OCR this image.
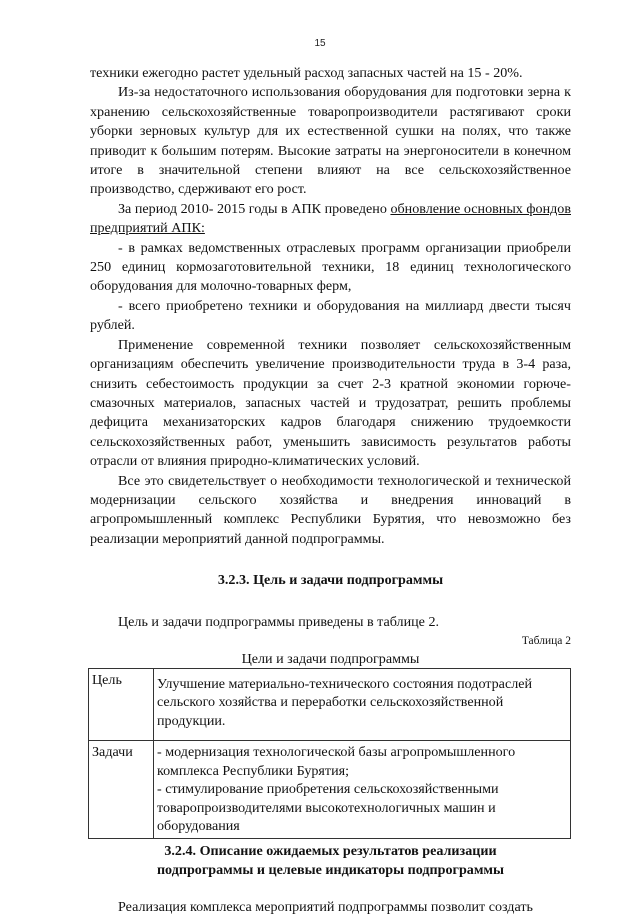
15

техники ежегодно растет удельный расход запасных частей на 15 - 20%.

Из-за недостаточного использования оборудования для подготовки зерна к хранению сельскохозяйственные товаропроизводители растягивают сроки уборки зерновых культур для их естественной сушки на полях, что также приводит к большим потерям. Высокие затраты на энергоносители в конечном итоге в значительной степени влияют на все сельскохозяйственное производство, сдерживают его рост.

За период 2010- 2015 годы в АПК проведено обновление основных фондов предприятий АПК:

- в рамках ведомственных отраслевых программ организации приобрели 250 единиц кормозаготовительной техники, 18 единиц технологического оборудования для молочно-товарных ферм,

- всего приобретено техники и оборудования на миллиард двести тысяч рублей.

Применение современной техники позволяет сельскохозяйственным организациям обеспечить увеличение производительности труда в 3-4 раза, снизить себестоимость продукции за счет 2-3 кратной экономии горюче-смазочных материалов, запасных частей и трудозатрат, решить проблемы дефицита механизаторских кадров благодаря снижению трудоемкости сельскохозяйственных работ, уменьшить зависимость результатов работы отрасли от влияния природно-климатических условий.

Все это свидетельствует о необходимости технологической и технической модернизации сельского хозяйства и внедрения инноваций в агропромышленный комплекс Республики Бурятия, что невозможно без реализации мероприятий данной подпрограммы.

3.2.3. Цель и задачи подпрограммы

Цель и задачи подпрограммы приведены в таблице 2.

Таблица 2

Цели и задачи подпрограммы

Цель	Улучшение материально-технического состояния подотраслей сельского хозяйства и переработки сельскохозяйственной продукции.
Задачи	- модернизация технологической базы агропромышленного комплекса Республики Бурятия;
- стимулирование приобретения сельскохозяйственными товаропроизводителями высокотехнологичных машин и оборудования

3.2.4. Описание ожидаемых результатов реализации

подпрограммы и целевые индикаторы подпрограммы

Реализация комплекса мероприятий подпрограммы позволит создать
